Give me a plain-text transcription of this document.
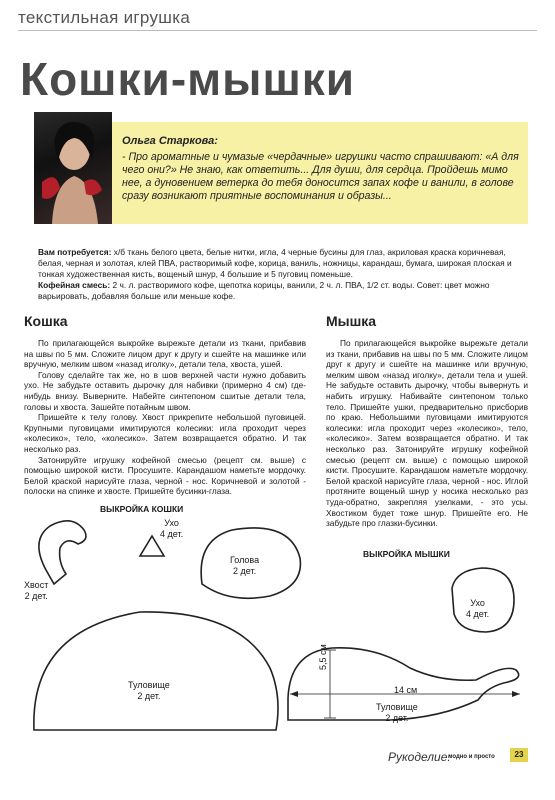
текстильная игрушка
Кошки-мышки
Ольга Старкова:
- Про ароматные и чумазые «чердачные» игрушки часто спрашивают: «А для чего они?» Не знаю, как ответить... Для души, для сердца. Пройдешь мимо нее, а дуновением ветерка до тебя доносится запах кофе и ванили, в голове сразу возникают приятные воспоминания и образы...
Вам потребуется: х/б ткань белого цвета, белые нитки, игла, 4 черные бусины для глаз, акриловая краска коричневая, белая, черная и золотая, клей ПВА, растворимый кофе, корица, ваниль, ножницы, карандаш, бумага, широкая плоская и тонкая художественная кисть, вощеный шнур, 4 большие и 5 пуговиц поменьше.
Кофейная смесь: 2 ч. л. растворимого кофе, щепотка корицы, ванили, 2 ч. л. ПВА, 1/2 ст. воды. Совет: цвет можно варьировать, добавляя больше или меньше кофе.
Кошка

По прилагающейся выкройке вырежьте детали из ткани, прибавив на швы по 5 мм. Сложите лицом друг к другу и сшейте на машинке или вручную, мелким швом «назад иголку», детали тела, хвоста, ушей.

Голову сделайте так же, но в шов верхней части нужно добавить ухо. Не забудьте оставить дырочку для набивки (примерно 4 см) где-нибудь внизу. Выверните. Набейте синтепоном сшитые детали тела, головы и хвоста. Зашейте потайным швом.

Пришейте к телу голову. Хвост прикрепите небольшой пуговицей. Крупными пуговицами имитируются колесики: игла проходит через «колесико», тело, «колесико». Затем возвращается обратно. И так несколько раз.

Затонируйте игрушку кофейной смесью (рецепт см. выше) с помощью широкой кисти. Просушите. Карандашом наметьте мордочку. Белой краской нарисуйте глаза, черной - нос. Коричневой и золотой - полоски на спинке и хвосте. Пришейте бусинки-глаза.

Мышка

По прилагающейся выкройке вырежьте детали из ткани, прибавив на швы по 5 мм. Сложите лицом друг к другу и сшейте на машинке или вручную, мелким швом «назад иголку», детали тела и ушей. Не забудьте оставить дырочку, чтобы вывернуть и набить игрушку. Набивайте синтепоном только тело. Пришейте ушки, предварительно присборив по краю. Небольшими пуговицами имитируются колесики: игла проходит через «колесико», тело, «колесико». Затем возвращается обратно. И так несколько раз. Затонируйте игрушку кофейной смесью (рецепт см. выше) с помощью широкой кисти. Просушите. Карандашом наметьте мордочку. Белой краской нарисуйте глаза, черной - нос. Иглой протяните вощеный шнур у носика несколько раз туда-обратно, закрепляя узелками, - это усы. Хвостиком будет тоже шнур. Пришейте его. Не забудьте про глазки-бусинки.

ВЫКРОЙКА КОШКИ
Ухо
4 дет.
Хвост
2 дет.
Голова
2 дет.
Туловище
2 дет.
ВЫКРОЙКА МЫШКИ
Ухо
4 дет.
14 см
5,5 см
Туловище
2 дет.
Рукоделие:
модно и просто	23
